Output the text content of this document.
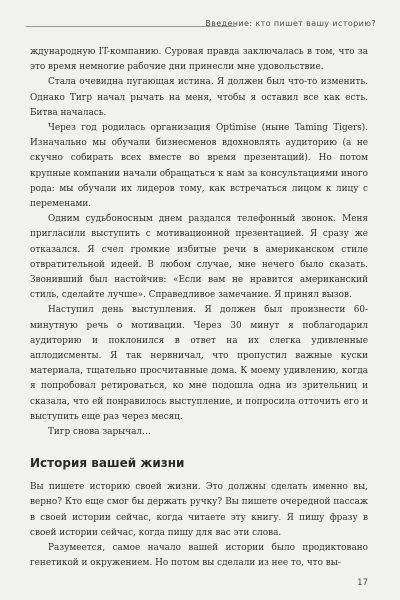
Введение: кто пишет вашу историю?

ждународную IT-компанию. Суровая правда заключалась в том, что за это время немногие рабочие дни принесли мне удовольствие.

Стала очевидна пугающая истина. Я должен был что-то изменить. Однако Тигр начал рычать на меня, чтобы я оставил все как есть. Битва началась.

Через год родилась организация Optimise (ныне Taming Tigers). Изначально мы обучали бизнесменов вдохновлять аудиторию (а не скучно собирать всех вместе во время презентаций). Но потом крупные компании начали обращаться к нам за консультациями иного рода: мы обучали их лидеров тому, как встречаться лицом к лицу с переменами.

Одним судьбоносным днем раздался телефонный звонок. Меня пригласили выступить с мотивационной презентацией. Я сразу же отказался. Я счел громкие избитые речи в американском стиле отвратительной идеей. В любом случае, мне нечего было сказать. Звонивший был настойчив: «Если вам не нравится американский стиль, сделайте лучше». Справедливое замечание. Я принял вызов.

Наступил день выступления. Я должен был произнести 60-минутную речь о мотивации. Через 30 минут я поблагодарил аудиторию и поклонился в ответ на их слегка удивленные аплодисменты. Я так нервничал, что пропустил важные куски материала, тщательно просчитанные дома. К моему удивлению, когда я попробовал ретироваться, ко мне подошла одна из зрительниц и сказала, что ей понравилось выступление, и попросила отточить его и выступить еще раз через месяц.

Тигр снова зарычал…

История вашей жизни

Вы пишете историю своей жизни. Это должны сделать именно вы, верно? Кто еще смог бы держать ручку? Вы пишете очередной пассаж в своей истории сейчас, когда читаете эту книгу. Я пишу фразу в своей истории сейчас, когда пишу для вас эти слова.

Разумеется, самое начало вашей истории было продиктовано генетикой и окружением. Но потом вы сделали из нее то, что вы-

17
